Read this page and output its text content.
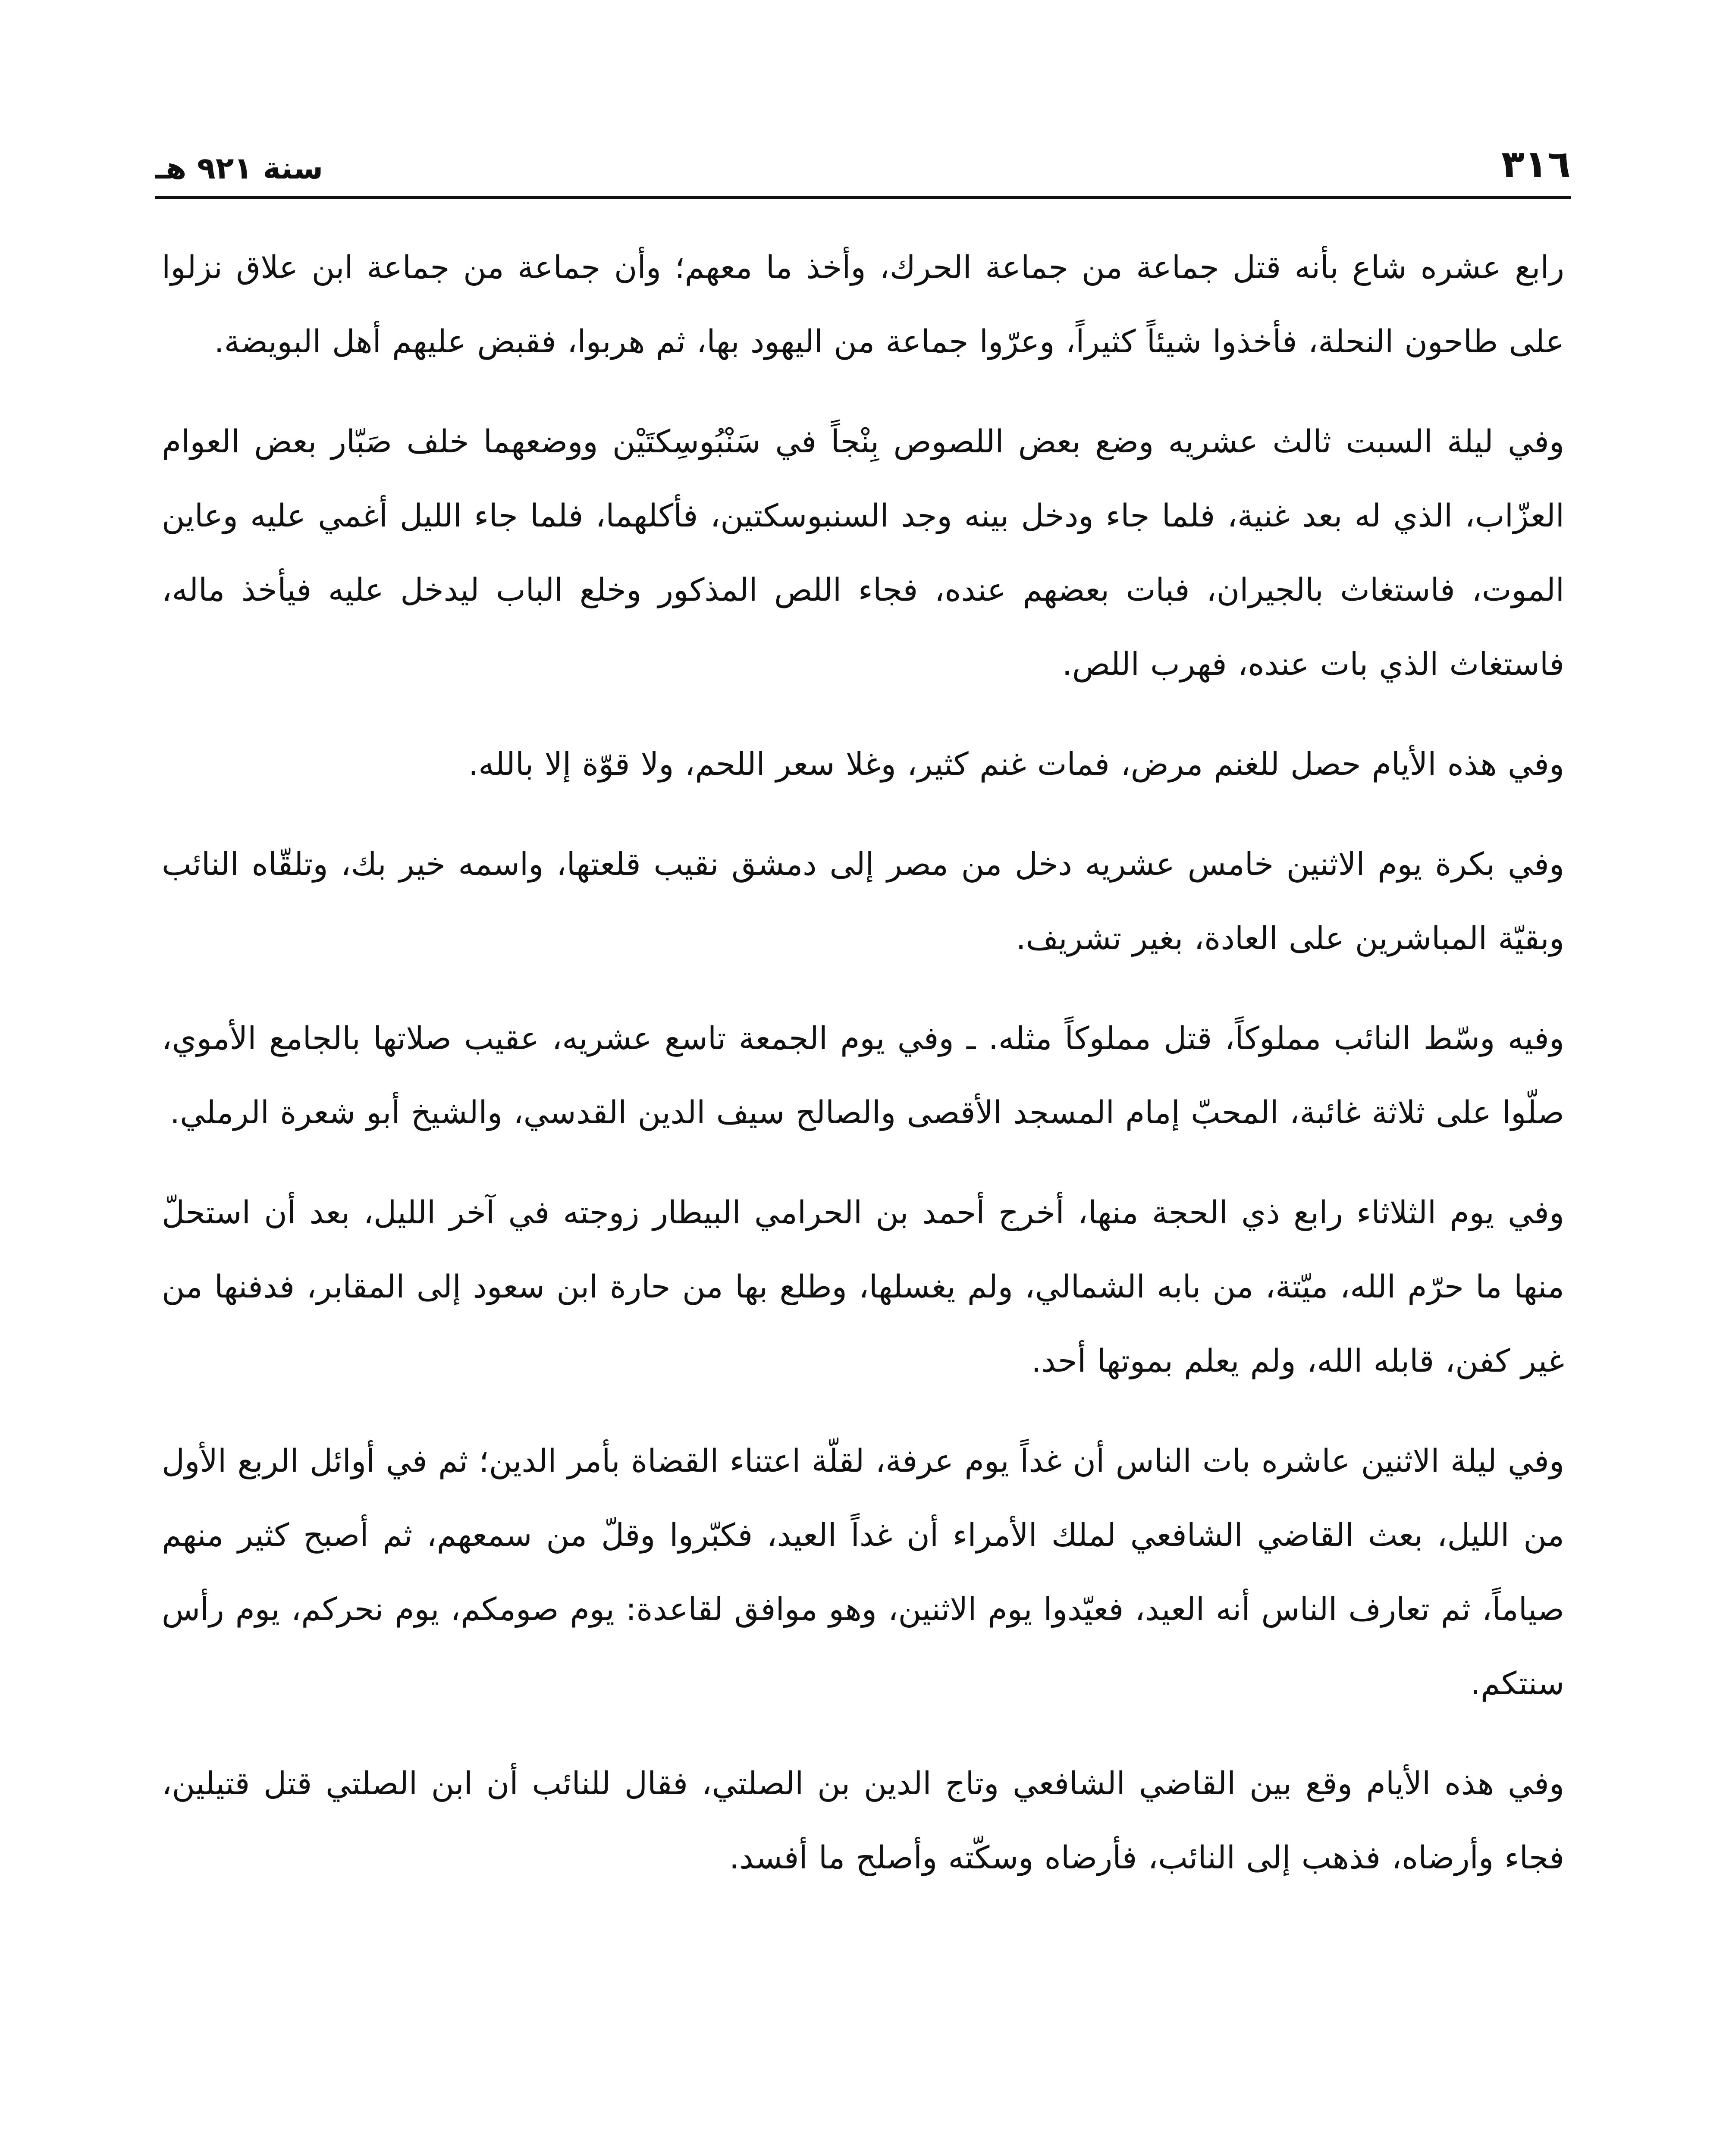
٣١٦
سنة ٩٢١ هـ

رابع عشره شاع بأنه قتل جماعة من جماعة الحرك، وأخذ ما معهم؛ وأن جماعة من جماعة ابن علاق نزلوا على طاحون النحلة، فأخذوا شيئاً كثيراً، وعرّوا جماعة من اليهود بها، ثم هربوا، فقبض عليهم أهل البويضة.

وفي ليلة السبت ثالث عشريه وضع بعض اللصوص بِنْجاً في سَنْبُوسِكتَيْن ووضعهما خلف صَبّار بعض العوام العزّاب، الذي له بعد غنية، فلما جاء ودخل بينه وجد السنبوسكتين، فأكلهما، فلما جاء الليل أغمي عليه وعاين الموت، فاستغاث بالجيران، فبات بعضهم عنده، فجاء اللص المذكور وخلع الباب ليدخل عليه فيأخذ ماله، فاستغاث الذي بات عنده، فهرب اللص.

وفي هذه الأيام حصل للغنم مرض، فمات غنم كثير، وغلا سعر اللحم، ولا قوّة إلا بالله.

وفي بكرة يوم الاثنين خامس عشريه دخل من مصر إلى دمشق نقيب قلعتها، واسمه خير بك، وتلقّاه النائب وبقيّة المباشرين على العادة، بغير تشريف.

وفيه وسّط النائب مملوكاً، قتل مملوكاً مثله. ـ وفي يوم الجمعة تاسع عشريه، عقيب صلاتها بالجامع الأموي، صلّوا على ثلاثة غائبة، المحبّ إمام المسجد الأقصى والصالح سيف الدين القدسي، والشيخ أبو شعرة الرملي.

وفي يوم الثلاثاء رابع ذي الحجة منها، أخرج أحمد بن الحرامي البيطار زوجته في آخر الليل، بعد أن استحلّ منها ما حرّم الله، ميّتة، من بابه الشمالي، ولم يغسلها، وطلع بها من حارة ابن سعود إلى المقابر، فدفنها من غير كفن، قابله الله، ولم يعلم بموتها أحد.

وفي ليلة الاثنين عاشره بات الناس أن غداً يوم عرفة، لقلّة اعتناء القضاة بأمر الدين؛ ثم في أوائل الربع الأول من الليل، بعث القاضي الشافعي لملك الأمراء أن غداً العيد، فكبّروا وقلّ من سمعهم، ثم أصبح كثير منهم صياماً، ثم تعارف الناس أنه العيد، فعيّدوا يوم الاثنين، وهو موافق لقاعدة: يوم صومكم، يوم نحركم، يوم رأس سنتكم.

وفي هذه الأيام وقع بين القاضي الشافعي وتاج الدين بن الصلتي، فقال للنائب أن ابن الصلتي قتل قتيلين، فجاء وأرضاه، فذهب إلى النائب، فأرضاه وسكّته وأصلح ما أفسد.
